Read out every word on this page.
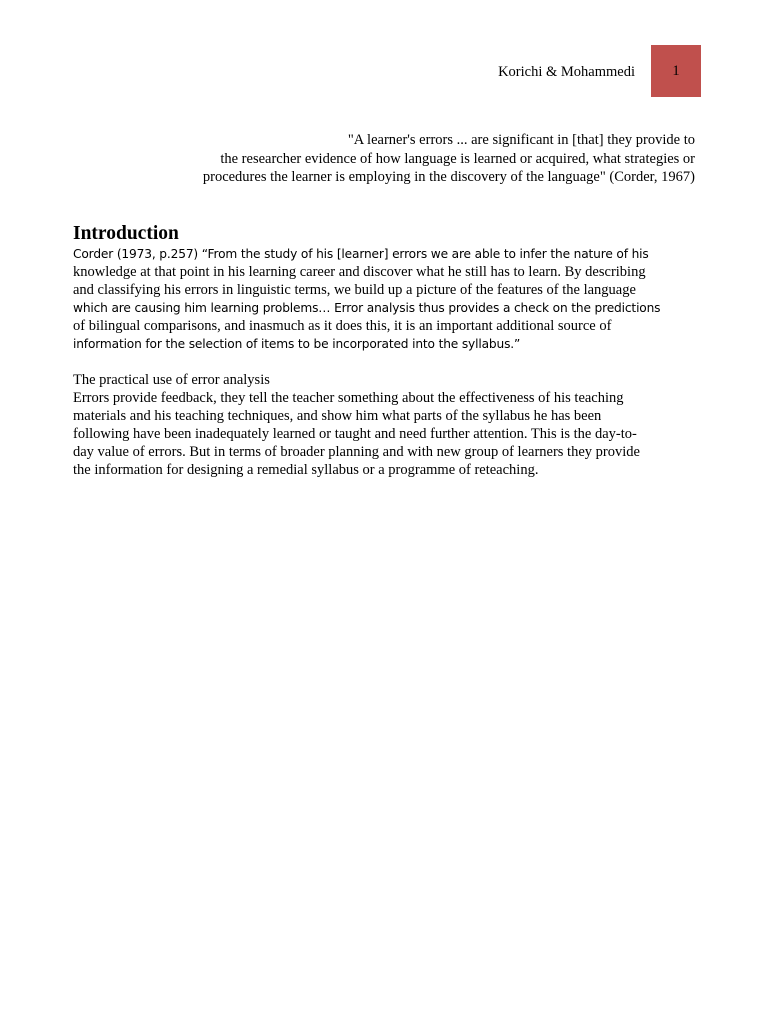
Korichi & Mohammedi	1
"A learner's errors ... are significant in [that] they provide to
the researcher evidence of how language is learned or acquired, what strategies or
procedures the learner is employing in the discovery of the language" (Corder, 1967)
Introduction
Corder (1973, p.257) “From the study of his [learner] errors we are able to infer the nature of his
knowledge at that point in his learning career and discover what he still has to learn. By describing
and classifying his errors in linguistic terms, we build up a picture of the features of the language
which are causing him learning problems… Error analysis thus provides a check on the predictions
of bilingual comparisons, and inasmuch as it does this, it is an important additional source of
information for the selection of items to be incorporated into the syllabus.”
The practical use of error analysis
Errors provide feedback, they tell the teacher something about the effectiveness of his teaching
materials and his teaching techniques, and show him what parts of the syllabus he has been
following have been inadequately learned or taught and need further attention. This is the day-to-
day value of errors. But in terms of broader planning and with new group of learners they provide
the information for designing a remedial syllabus or a programme of reteaching.
